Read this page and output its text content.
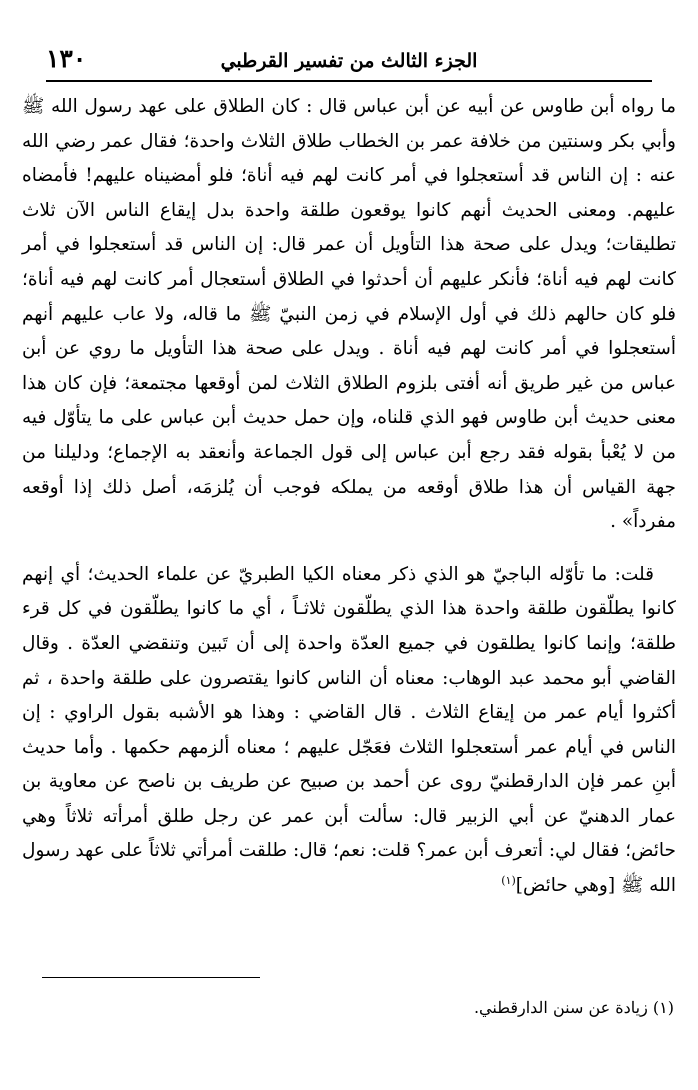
١٣٠	الجزء الثالث من تفسير القرطبي

ما رواه أبن طاوس عن أبيه عن أبن عباس قال : كان الطلاق على عهد رسول الله ﷺ وأبي بكر وسنتين من خلافة عمر بن الخطاب طلاق الثلاث واحدة؛ فقال عمر رضي الله عنه : إن الناس قد أستعجلوا في أمر كانت لهم فيه أناة؛ فلو أمضيناه عليهم! فأمضاه عليهم. ومعنى الحديث أنهم كانوا يوقعون طلقة واحدة بدل إيقاع الناس الآن ثلاث تطليقات؛ ويدل على صحة هذا التأويل أن عمر قال: إن الناس قد أستعجلوا في أمر كانت لهم فيه أناة؛ فأنكر عليهم أن أحدثوا في الطلاق أستعجال أمر كانت لهم فيه أناة؛ فلو كان حالهم ذلك في أول الإسلام في زمن النبيّ ﷺ ما قاله، ولا عاب عليهم أنهم أستعجلوا في أمر كانت لهم فيه أناة . ويدل على صحة هذا التأويل ما روي عن أبن عباس من غير طريق أنه أفتى بلزوم الطلاق الثلاث لمن أوقعها مجتمعة؛ فإن كان هذا معنى حديث أبن طاوس فهو الذي قلناه، وإن حمل حديث أبن عباس على ما يتأوّل فيه من لا يُعْبأ بقوله فقد رجع أبن عباس إلى قول الجماعة وأنعقد به الإجماع؛ ودليلنا من جهة القياس أن هذا طلاق أوقعه من يملكه فوجب أن يُلزمَه، أصل ذلك إذا أوقعه مفرداً» .

قلت: ما تأوّله الباجيّ هو الذي ذكر معناه الكيا الطبريّ عن علماء الحديث؛ أي إنهم كانوا يطلّقون طلقة واحدة هذا الذي يطلّقون ثلاثـاً ، أي ما كانوا يطلّقون في كل قرء طلقة؛ وإنما كانوا يطلقون في جميع العدّة واحدة إلى أن تَبين وتنقضي العدّة . وقال القاضي أبو محمد عبد الوهاب: معناه أن الناس كانوا يقتصرون على طلقة واحدة ، ثم أكثروا أيام عمر من إيقاع الثلاث . قال القاضي : وهذا هو الأشبه بقول الراوي : إن الناس في أيام عمر أستعجلوا الثلاث فعَجّل عليهم ؛ معناه ألزمهم حكمها . وأما حديث أبنِ عمر فإن الدارقطنيّ روى عن أحمد بن صبيح عن طريف بن ناصح عن معاوية بن عمار الدهنيّ عن أبي الزبير قال: سألت أبن عمر عن رجل طلق أمرأته ثلاثاً وهي حائض؛ فقال لي: أتعرف أبن عمر؟ قلت: نعم؛ قال: طلقت أمرأتي ثلاثاً على عهد رسول الله ﷺ [وهي حائض]$^{(١)}$

(١) زيادة عن سنن الدارقطني.
